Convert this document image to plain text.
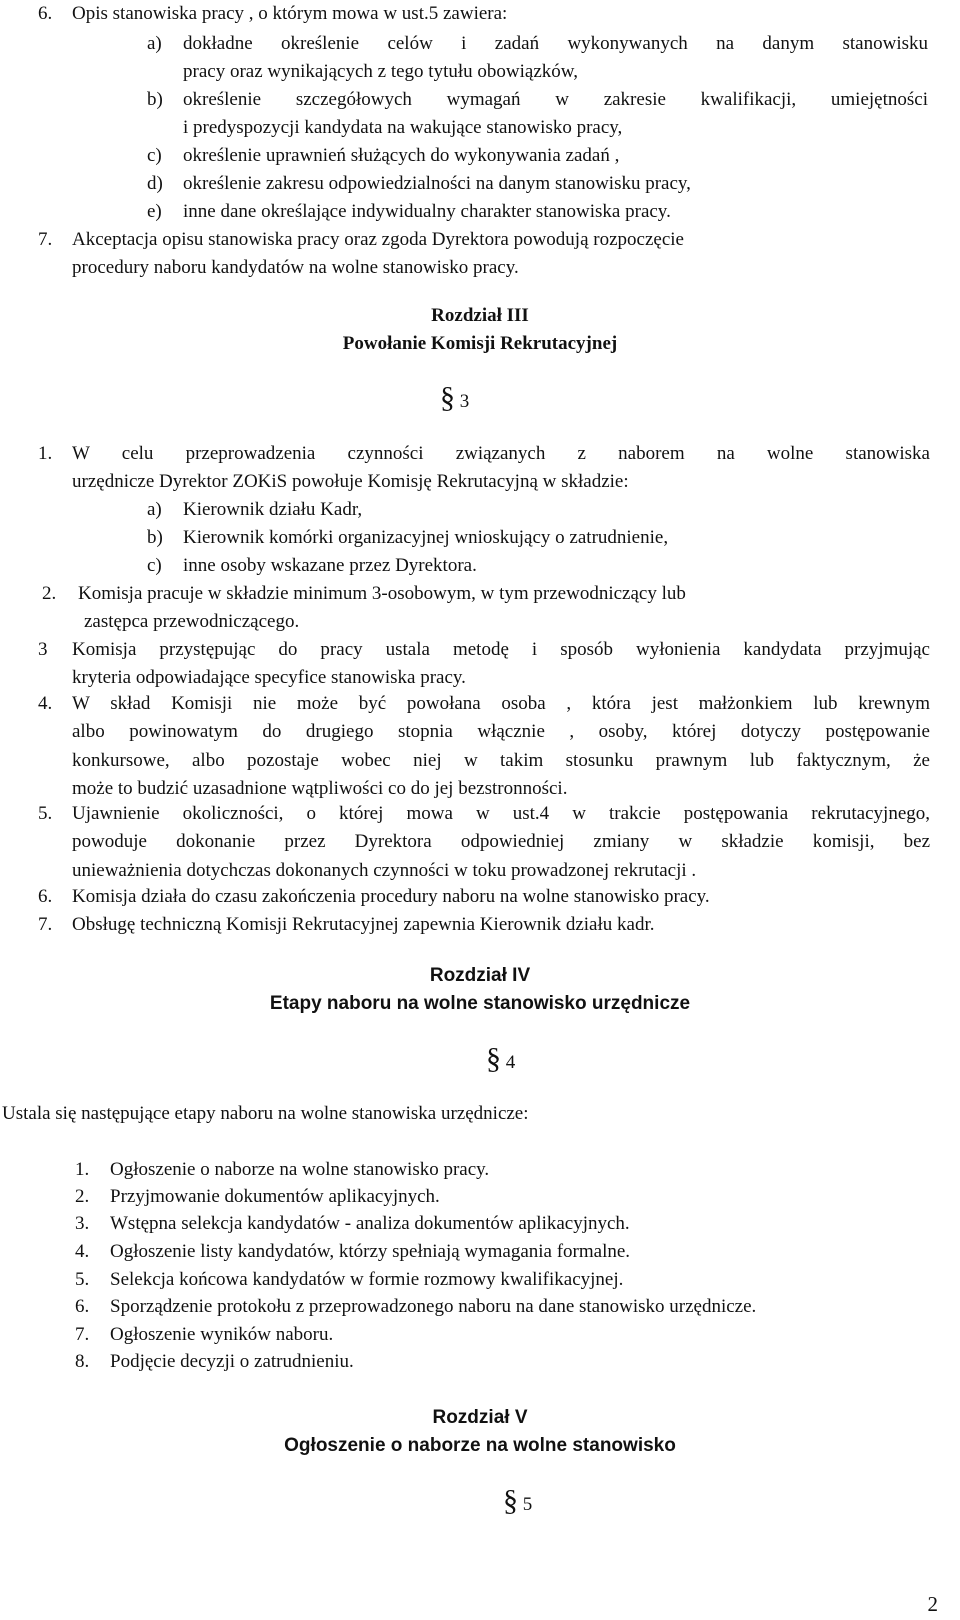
6. Opis stanowiska pracy , o którym mowa w ust.5 zawiera:
a) dokładne określenie celów i zadań wykonywanych na danym stanowisku
pracy oraz wynikających z tego tytułu obowiązków,
b) określenie szczegółowych wymagań w zakresie kwalifikacji, umiejętności
i predyspozycji kandydata na wakujące stanowisko pracy,
c) określenie uprawnień służących do wykonywania zadań ,
d) określenie zakresu odpowiedzialności na danym stanowisku pracy,
e) inne dane określające indywidualny charakter stanowiska pracy.
7. Akceptacja opisu stanowiska pracy oraz zgoda Dyrektora powodują rozpoczęcie
procedury naboru kandydatów na wolne stanowisko pracy.
Rozdział III
Powołanie Komisji Rekrutacyjnej
§ 3
1. W celu przeprowadzenia czynności związanych z naborem na wolne stanowiska
urzędnicze Dyrektor ZOKiS powołuje Komisję Rekrutacyjną w składzie:
a) Kierownik działu Kadr,
b) Kierownik komórki organizacyjnej wnioskujący o zatrudnienie,
c) inne osoby wskazane przez Dyrektora.
2. Komisja pracuje w składzie minimum 3-osobowym, w tym przewodniczący lub
zastępca przewodniczącego.
3 Komisja przystępując do pracy ustala metodę i sposób wyłonienia kandydata przyjmując
kryteria odpowiadające specyfice stanowiska pracy.
4. W skład Komisji nie może być powołana osoba , która jest małżonkiem lub krewnym
albo powinowatym do drugiego stopnia włącznie , osoby, której dotyczy postępowanie
konkursowe, albo pozostaje wobec niej w takim stosunku prawnym lub faktycznym, że
może to budzić uzasadnione wątpliwości co do jej bezstronności.
5. Ujawnienie okoliczności, o której mowa w ust.4 w trakcie postępowania rekrutacyjnego,
powoduje dokonanie przez Dyrektora odpowiedniej zmiany w składzie komisji, bez
unieważnienia dotychczas dokonanych czynności w toku prowadzonej rekrutacji .
6. Komisja działa do czasu zakończenia procedury naboru na wolne stanowisko pracy.
7. Obsługę techniczną Komisji Rekrutacyjnej zapewnia Kierownik działu kadr.
Rozdział IV
Etapy naboru na wolne stanowisko urzędnicze
§ 4
Ustala się następujące etapy naboru na wolne stanowiska urzędnicze:
1. Ogłoszenie o naborze na wolne stanowisko pracy.
2. Przyjmowanie dokumentów aplikacyjnych.
3. Wstępna selekcja kandydatów - analiza dokumentów aplikacyjnych.
4. Ogłoszenie listy kandydatów, którzy spełniają wymagania formalne.
5. Selekcja końcowa kandydatów w formie rozmowy kwalifikacyjnej.
6. Sporządzenie protokołu z przeprowadzonego naboru na dane stanowisko urzędnicze.
7. Ogłoszenie wyników naboru.
8. Podjęcie decyzji o zatrudnieniu.
Rozdział V
Ogłoszenie o naborze na wolne stanowisko
§ 5
2
